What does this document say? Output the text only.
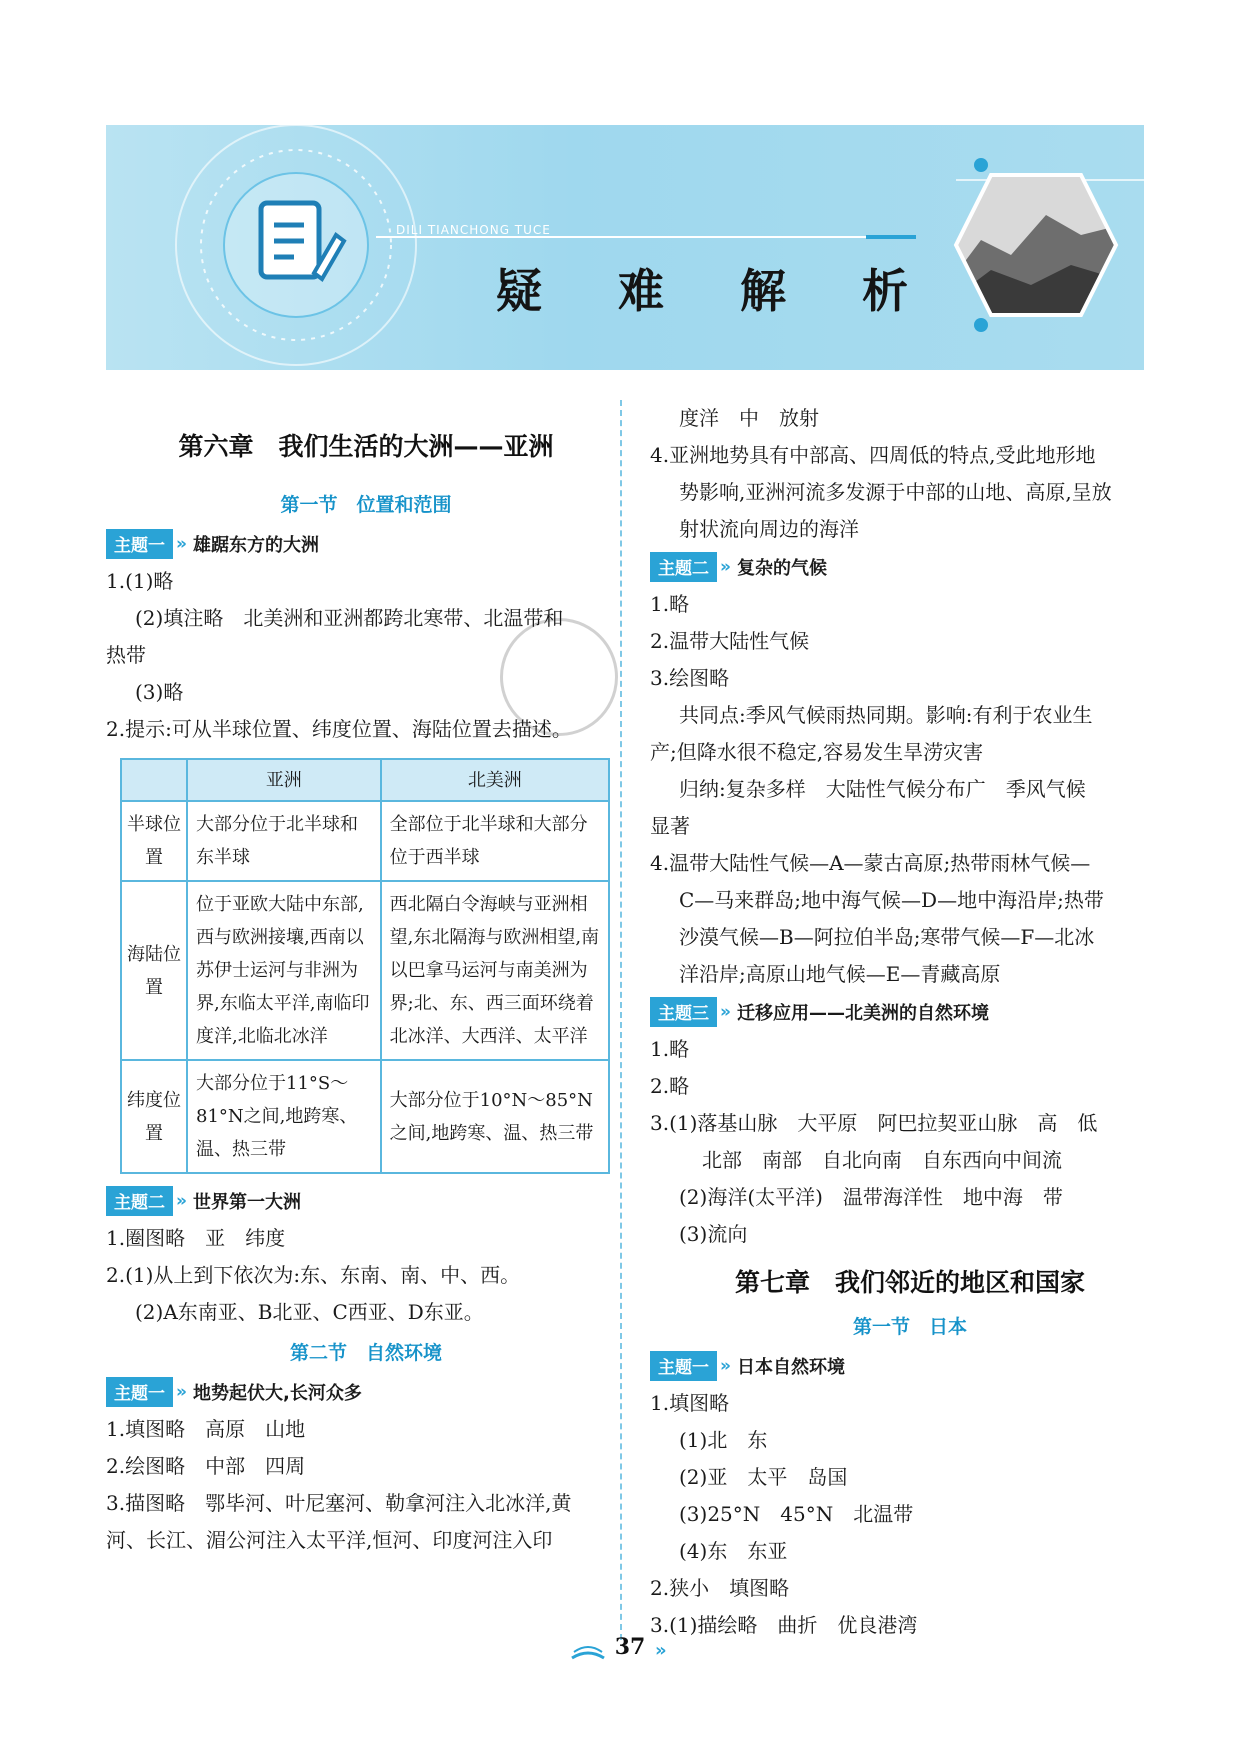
DILI TIANCHONG TUCE
疑 难 解 析
第六章　我们生活的大洲——亚洲
第一节　位置和范围
主题一 » 雄踞东方的大洲
1.(1)略
(2)填注略　北美洲和亚洲都跨北寒带、北温带和
热带
(3)略
2.提示:可从半球位置、纬度位置、海陆位置去描述。
	亚洲	北美洲
半球位置	大部分位于北半球和东半球	全部位于北半球和大部分位于西半球
海陆位置	位于亚欧大陆中东部,西与欧洲接壤,西南以苏伊士运河与非洲为界,东临太平洋,南临印度洋,北临北冰洋	西北隔白令海峡与亚洲相望,东北隔海与欧洲相望,南以巴拿马运河与南美洲为界;北、东、西三面环绕着北冰洋、大西洋、太平洋
纬度位置	大部分位于11°S～81°N之间,地跨寒、温、热三带	大部分位于10°N～85°N之间,地跨寒、温、热三带
主题二 » 世界第一大洲
1.圈图略　亚　纬度
2.(1)从上到下依次为:东、东南、南、中、西。
(2)A东南亚、B北亚、C西亚、D东亚。
第二节　自然环境
主题一 » 地势起伏大,长河众多
1.填图略　高原　山地
2.绘图略　中部　四周
3.描图略　鄂毕河、叶尼塞河、勒拿河注入北冰洋,黄
河、长江、湄公河注入太平洋,恒河、印度河注入印
度洋　中　放射
4.亚洲地势具有中部高、四周低的特点,受此地形地
势影响,亚洲河流多发源于中部的山地、高原,呈放
射状流向周边的海洋
主题二 » 复杂的气候
1.略
2.温带大陆性气候
3.绘图略
共同点:季风气候雨热同期。影响:有利于农业生
产;但降水很不稳定,容易发生旱涝灾害
归纳:复杂多样　大陆性气候分布广　季风气候
显著
4.温带大陆性气候—A—蒙古高原;热带雨林气候—
C—马来群岛;地中海气候—D—地中海沿岸;热带
沙漠气候—B—阿拉伯半岛;寒带气候—F—北冰
洋沿岸;高原山地气候—E—青藏高原
主题三 » 迁移应用——北美洲的自然环境
1.略
2.略
3.(1)落基山脉　大平原　阿巴拉契亚山脉　高　低
北部　南部　自北向南　自东西向中间流
(2)海洋(太平洋)　温带海洋性　地中海　带
(3)流向
第七章　我们邻近的地区和国家
第一节　日本
主题一 » 日本自然环境
1.填图略
(1)北　东
(2)亚　太平　岛国
(3)25°N　45°N　北温带
(4)东　东亚
2.狭小　填图略
3.(1)描绘略　曲折　优良港湾
37 »
